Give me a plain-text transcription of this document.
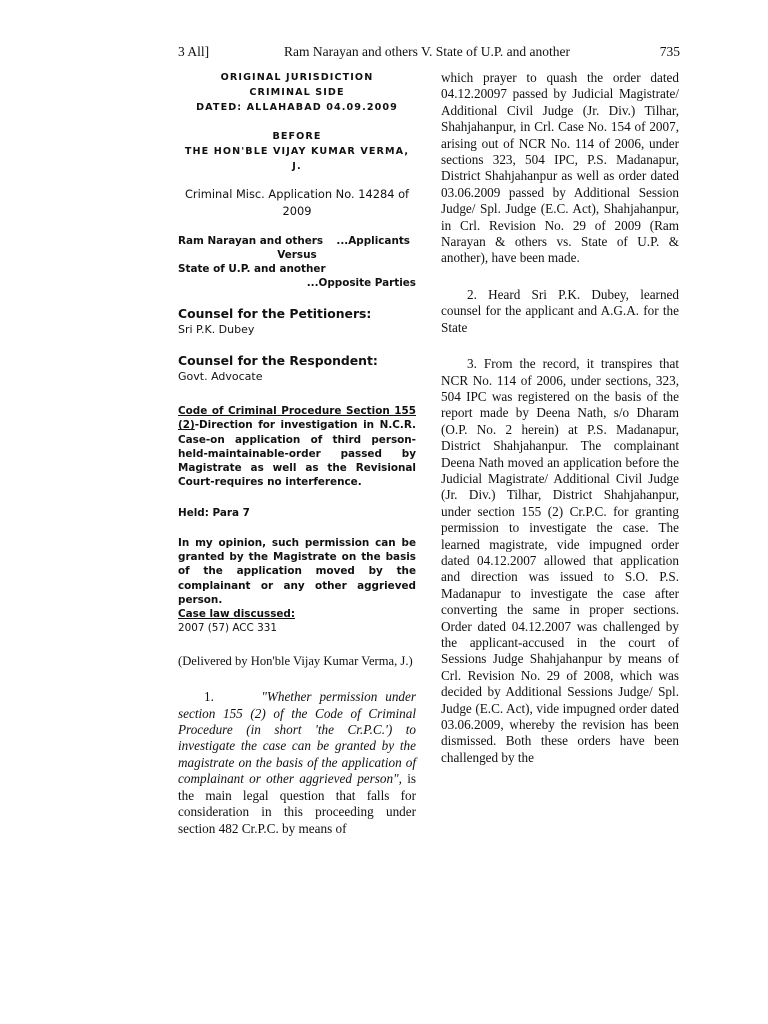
3 All]	Ram Narayan and others V. State of U.P. and another	735

ORIGINAL JURISDICTION

CRIMINAL SIDE

DATED: ALLAHABAD 04.09.2009

BEFORE

THE HON'BLE VIJAY KUMAR VERMA, J.

Criminal Misc. Application No. 14284 of 2009

Ram Narayan and others ...Applicants
Versus
State of U.P. and another
...Opposite Parties

Counsel for the Petitioners:

Sri P.K. Dubey

Counsel for the Respondent:

Govt. Advocate

Code of Criminal Procedure Section 155 (2)-Direction for investigation in N.C.R. Case-on application of third person-held-maintainable-order passed by Magistrate as well as the Revisional Court-requires no interference.

Held: Para 7

In my opinion, such permission can be granted by the Magistrate on the basis of the application moved by the complainant or any other aggrieved person.

Case law discussed:

2007 (57) ACC 331

(Delivered by Hon'ble Vijay Kumar Verma, J.)

1.	"Whether permission under section 155 (2) of the Code of Criminal Procedure (in short 'the Cr.P.C.') to investigate the case can be granted by the magistrate on the basis of the application of complainant or other aggrieved person", is the main legal question that falls for consideration in this proceeding under section 482 Cr.P.C. by means of

which prayer to quash the order dated 04.12.20097 passed by Judicial Magistrate/ Additional Civil Judge (Jr. Div.) Tilhar, Shahjahanpur, in Crl. Case No. 154 of 2007, arising out of NCR No. 114 of 2006, under sections 323, 504 IPC, P.S. Madanapur, District Shahjahanpur as well as order dated 03.06.2009 passed by Additional Session Judge/ Spl. Judge (E.C. Act), Shahjahanpur, in Crl. Revision No. 29 of 2009 (Ram Narayan & others vs. State of U.P. & another), have been made.

2. Heard Sri P.K. Dubey, learned counsel for the applicant and A.G.A. for the State

3. From the record, it transpires that NCR No. 114 of 2006, under sections, 323, 504 IPC was registered on the basis of the report made by Deena Nath, s/o Dharam (O.P. No. 2 herein) at P.S. Madanapur, District Shahjahanpur. The complainant Deena Nath moved an application before the Judicial Magistrate/ Additional Civil Judge (Jr. Div.) Tilhar, District Shahjahanpur, under section 155 (2) Cr.P.C. for granting permission to investigate the case. The learned magistrate, vide impugned order dated 04.12.2007 allowed that application and direction was issued to S.O. P.S. Madanapur to investigate the case after converting the same in proper sections. Order dated 04.12.2007 was challenged by the applicant-accused in the court of Sessions Judge Shahjahanpur by means of Crl. Revision No. 29 of 2008, which was decided by Additional Sessions Judge/ Spl. Judge (E.C. Act), vide impugned order dated 03.06.2009, whereby the revision has been dismissed. Both these orders have been challenged by the
